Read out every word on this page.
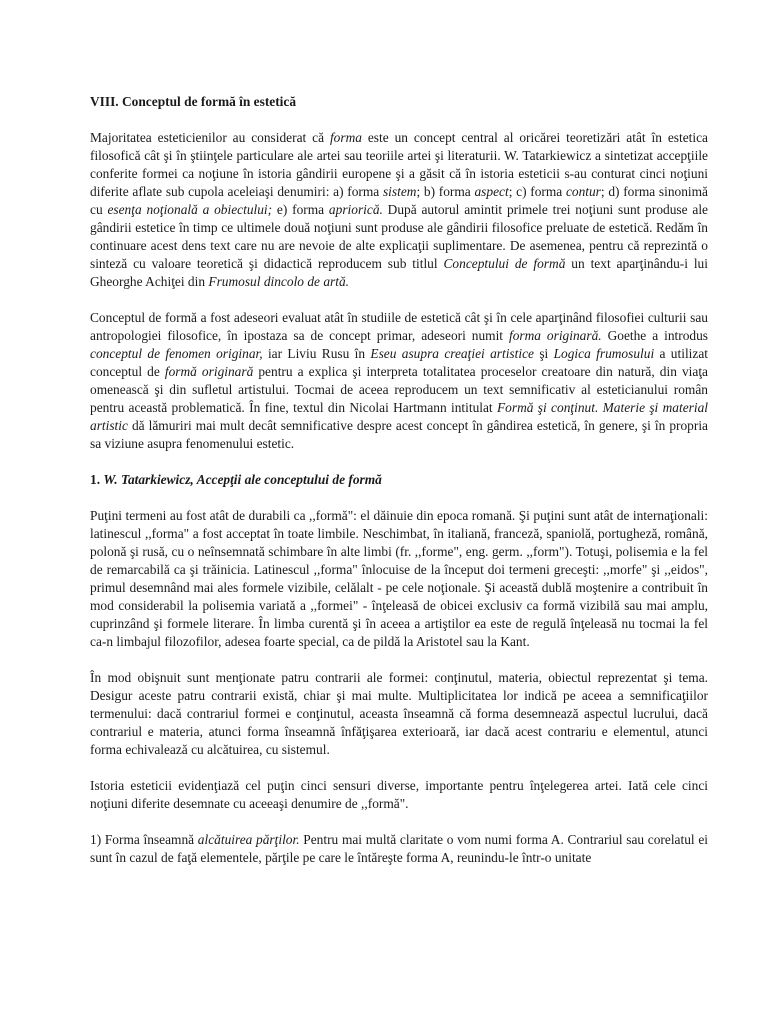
VIII. Conceptul de formă în estetică

Majoritatea esteticienilor au considerat că forma este un concept central al oricărei teoretizări atât în estetica filosofică cât şi în ştiinţele particulare ale artei sau teoriile artei şi literaturii. W. Tatarkiewicz a sintetizat accepţiile conferite formei ca noţiune în istoria gândirii europene şi a găsit că în istoria esteticii s-au conturat cinci noţiuni diferite aflate sub cupola aceleiaşi denumiri: a) forma sistem; b) forma aspect; c) forma contur; d) forma sinonimă cu esenţa noţională a obiectului; e) forma apriorică. După autorul amintit primele trei noţiuni sunt produse ale gândirii estetice în timp ce ultimele două noţiuni sunt produse ale gândirii filosofice preluate de estetică. Redăm în continuare acest dens text care nu are nevoie de alte explicaţii suplimentare. De asemenea, pentru că reprezintă o sinteză cu valoare teoretică şi didactică reproducem sub titlul Conceptului de formă un text aparţinându-i lui Gheorghe Achiţei din Frumosul dincolo de artă.

Conceptul de formă a fost adeseori evaluat atât în studiile de estetică cât şi în cele aparţinând filosofiei culturii sau antropologiei filosofice, în ipostaza sa de concept primar, adeseori numit forma originară. Goethe a introdus conceptul de fenomen originar, iar Liviu Rusu în Eseu asupra creaţiei artistice şi Logica frumosului a utilizat conceptul de formă originară pentru a explica şi interpreta totalitatea proceselor creatoare din natură, din viaţa omenească şi din sufletul artistului. Tocmai de aceea reproducem un text semnificativ al esteticianului român pentru această problematică. În fine, textul din Nicolai Hartmann intitulat Formă şi conţinut. Materie şi material artistic dă lămuriri mai mult decât semnificative despre acest concept în gândirea estetică, în genere, şi în propria sa viziune asupra fenomenului estetic.

1. W. Tatarkiewicz, Accepţii ale conceptului de formă

Puţini termeni au fost atât de durabili ca ,,formă": el dăinuie din epoca romană. Şi puţini sunt atât de internaţionali: latinescul ,,forma" a fost acceptat în toate limbile. Neschimbat, în italiană, franceză, spaniolă, portugheză, română, polonă şi rusă, cu o neînsemnată schimbare în alte limbi (fr. ,,forme", eng. germ. ,,form"). Totuşi, polisemia e la fel de remarcabilă ca şi trăinicia. Latinescul ,,forma" înlocuise de la început doi termeni greceşti: ,,morfe" şi ,,eidos", primul desemnând mai ales formele vizibile, celălalt - pe cele noţionale. Şi această dublă moştenire a contribuit în mod considerabil la polisemia variată a ,,formei" - înţeleasă de obicei exclusiv ca formă vizibilă sau mai amplu, cuprinzând şi formele literare. În limba curentă şi în aceea a artiştilor ea este de regulă înţeleasă nu tocmai la fel ca-n limbajul filozofilor, adesea foarte special, ca de pildă la Aristotel sau la Kant.

În mod obişnuit sunt menţionate patru contrarii ale formei: conţinutul, materia, obiectul reprezentat şi tema. Desigur aceste patru contrarii există, chiar şi mai multe. Multiplicitatea lor indică pe aceea a semnificaţiilor termenului: dacă contrariul formei e conţinutul, aceasta înseamnă că forma desemnează aspectul lucrului, dacă contrariul e materia, atunci forma înseamnă înfăţişarea exterioară, iar dacă acest contrariu e elementul, atunci forma echivalează cu alcătuirea, cu sistemul.

Istoria esteticii evidenţiază cel puţin cinci sensuri diverse, importante pentru înţelegerea artei. Iată cele cinci noţiuni diferite desemnate cu aceeaşi denumire de ,,formă".

1) Forma înseamnă alcătuirea părţilor. Pentru mai multă claritate o vom numi forma A. Contrariul sau corelatul ei sunt în cazul de faţă elementele, părţile pe care le întăreşte forma A, reunindu-le într-o unitate
